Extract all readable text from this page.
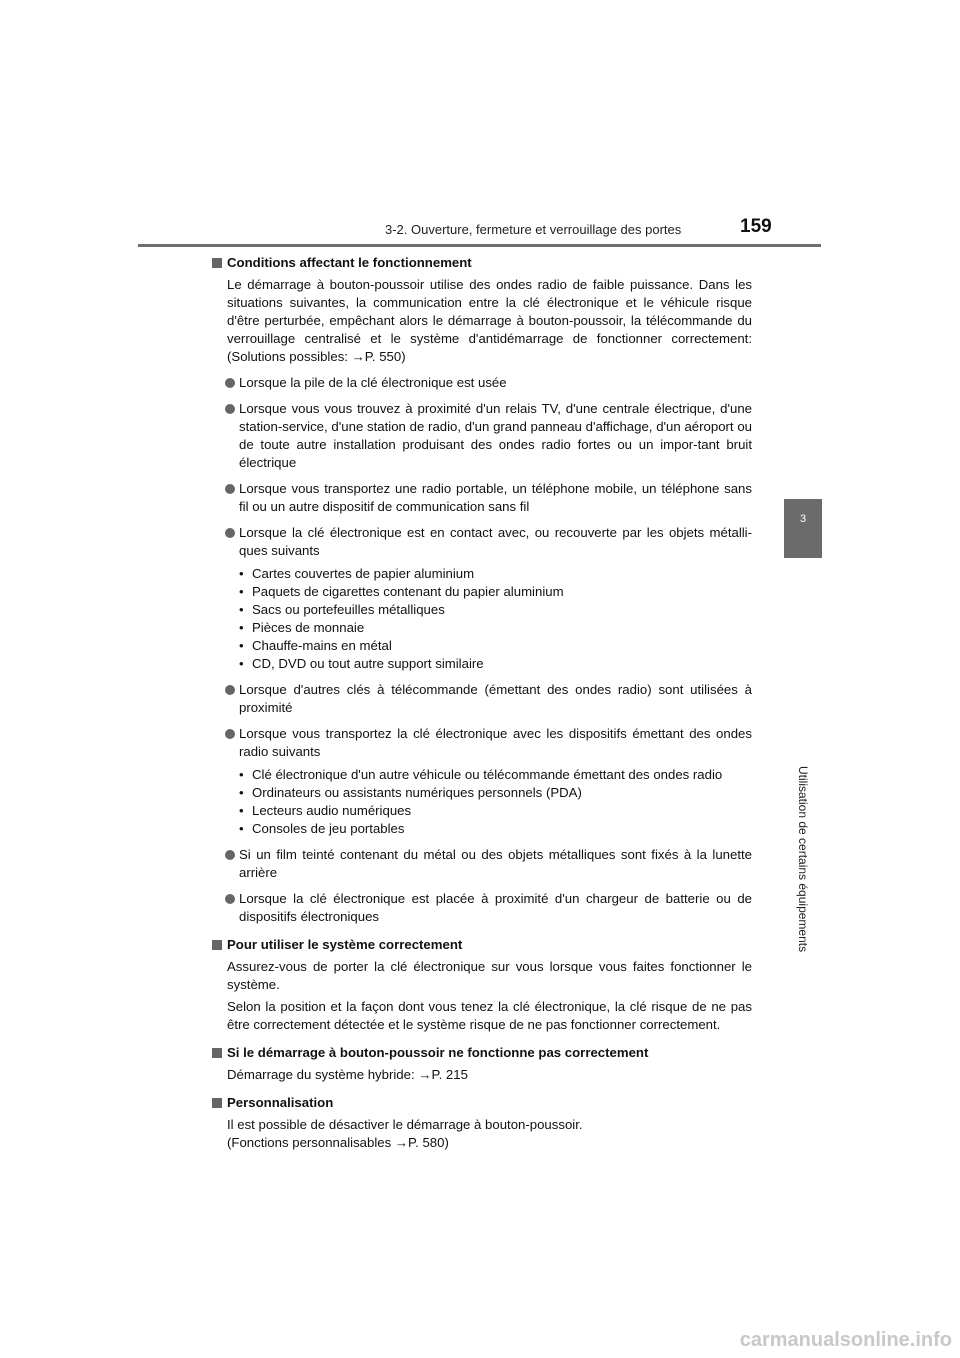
3-2. Ouverture, fermeture et verrouillage des portes	159
3
Utilisation de certains équipements
Conditions affectant le fonctionnement
Le démarrage à bouton-poussoir utilise des ondes radio de faible puissance. Dans les situations suivantes, la communication entre la clé électronique et le véhicule risque d'être perturbée, empêchant alors le démarrage à bouton-poussoir, la télécommande du verrouillage centralisé et le système d'antidémarrage de fonctionner correctement: (Solutions possibles: →P. 550)
Lorsque la pile de la clé électronique est usée
Lorsque vous vous trouvez à proximité d'un relais TV, d'une centrale électrique, d'une station-service, d'une station de radio, d'un grand panneau d'affichage, d'un aéroport ou de toute autre installation produisant des ondes radio fortes ou un impor-tant bruit électrique
Lorsque vous transportez une radio portable, un téléphone mobile, un téléphone sans fil ou un autre dispositif de communication sans fil
Lorsque la clé électronique est en contact avec, ou recouverte par les objets métalli-ques suivants
• Cartes couvertes de papier aluminium
• Paquets de cigarettes contenant du papier aluminium
• Sacs ou portefeuilles métalliques
• Pièces de monnaie
• Chauffe-mains en métal
• CD, DVD ou tout autre support similaire
Lorsque d'autres clés à télécommande (émettant des ondes radio) sont utilisées à proximité
Lorsque vous transportez la clé électronique avec les dispositifs émettant des ondes radio suivants
• Clé électronique d'un autre véhicule ou télécommande émettant des ondes radio
• Ordinateurs ou assistants numériques personnels (PDA)
• Lecteurs audio numériques
• Consoles de jeu portables
Si un film teinté contenant du métal ou des objets métalliques sont fixés à la lunette arrière
Lorsque la clé électronique est placée à proximité d'un chargeur de batterie ou de dispositifs électroniques
Pour utiliser le système correctement
Assurez-vous de porter la clé électronique sur vous lorsque vous faites fonctionner le système.
Selon la position et la façon dont vous tenez la clé électronique, la clé risque de ne pas être correctement détectée et le système risque de ne pas fonctionner correctement.
Si le démarrage à bouton-poussoir ne fonctionne pas correctement
Démarrage du système hybride: →P. 215
Personnalisation
Il est possible de désactiver le démarrage à bouton-poussoir.
(Fonctions personnalisables →P. 580)
carmanualsonline.info
